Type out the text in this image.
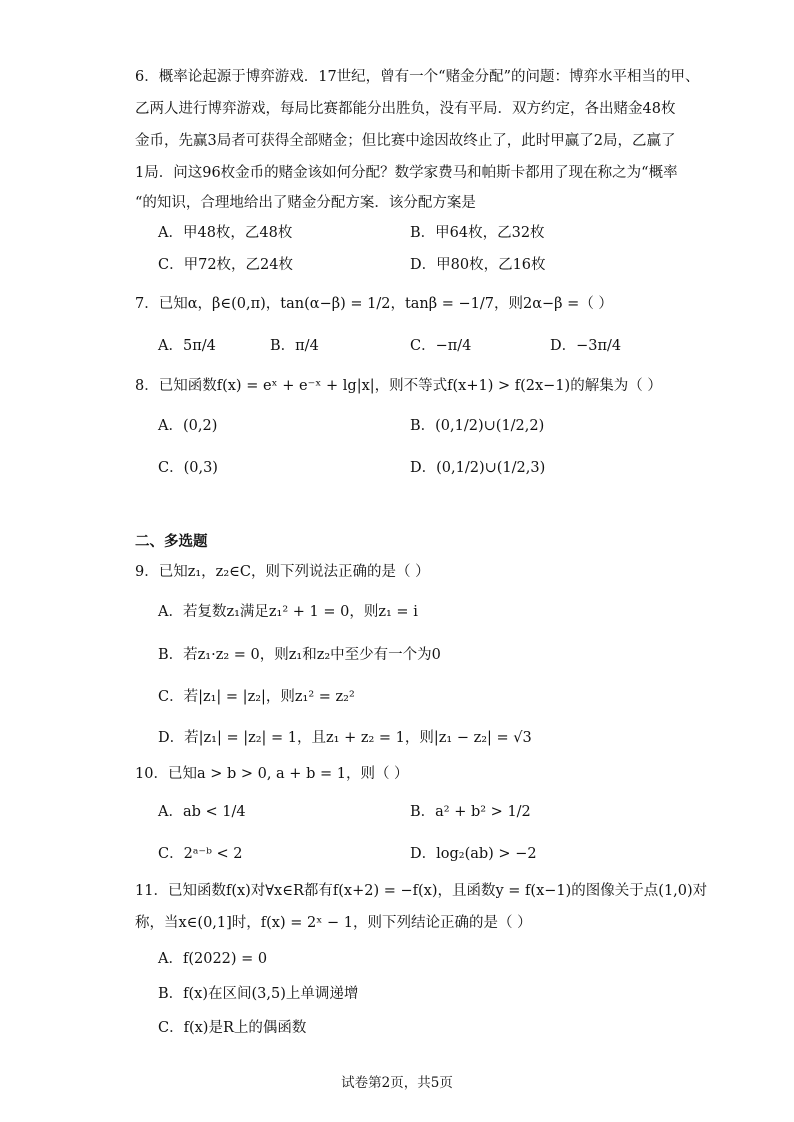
6．概率论起源于博弈游戏．17世纪，曾有一个“赌金分配”的问题：博弈水平相当的甲、
乙两人进行博弈游戏，每局比赛都能分出胜负，没有平局．双方约定，各出赌金48枚
金币，先赢3局者可获得全部赌金；但比赛中途因故终止了，此时甲赢了2局，乙赢了
1局．问这96枚金币的赌金该如何分配？数学家费马和帕斯卡都用了现在称之为“概率
“的知识，合理地给出了赌金分配方案．该分配方案是
A．甲48枚，乙48枚	B．甲64枚，乙32枚
C．甲72枚，乙24枚	D．甲80枚，乙16枚
7．已知α，β∈(0,π)，tan(α−β) = 1/2，tanβ = −1/7，则2α−β =（ ）
A．5π/4	B．π/4	C．−π/4	D．−3π/4
8．已知函数f(x) = eˣ + e⁻ˣ + lg|x|，则不等式f(x+1) > f(2x−1)的解集为（ ）
A．(0,2)	B．(0,1/2)∪(1/2,2)
C．(0,3)	D．(0,1/2)∪(1/2,3)
二、多选题
9．已知z₁，z₂∈C，则下列说法正确的是（ ）
A．若复数z₁满足z₁² + 1 = 0，则z₁ = i
B．若z₁·z₂ = 0，则z₁和z₂中至少有一个为0
C．若|z₁| = |z₂|，则z₁² = z₂²
D．若|z₁| = |z₂| = 1，且z₁ + z₂ = 1，则|z₁ − z₂| = √3
10．已知a > b > 0, a + b = 1，则（ ）
A．ab < 1/4	B．a² + b² > 1/2
C．2ᵃ⁻ᵇ < 2	D．log₂(ab) > −2
11．已知函数f(x)对∀x∈R都有f(x+2) = −f(x)，且函数y = f(x−1)的图像关于点(1,0)对
称，当x∈(0,1]时，f(x) = 2ˣ − 1，则下列结论正确的是（ ）
A．f(2022) = 0
B．f(x)在区间(3,5)上单调递增
C．f(x)是R上的偶函数
试卷第2页，共5页
